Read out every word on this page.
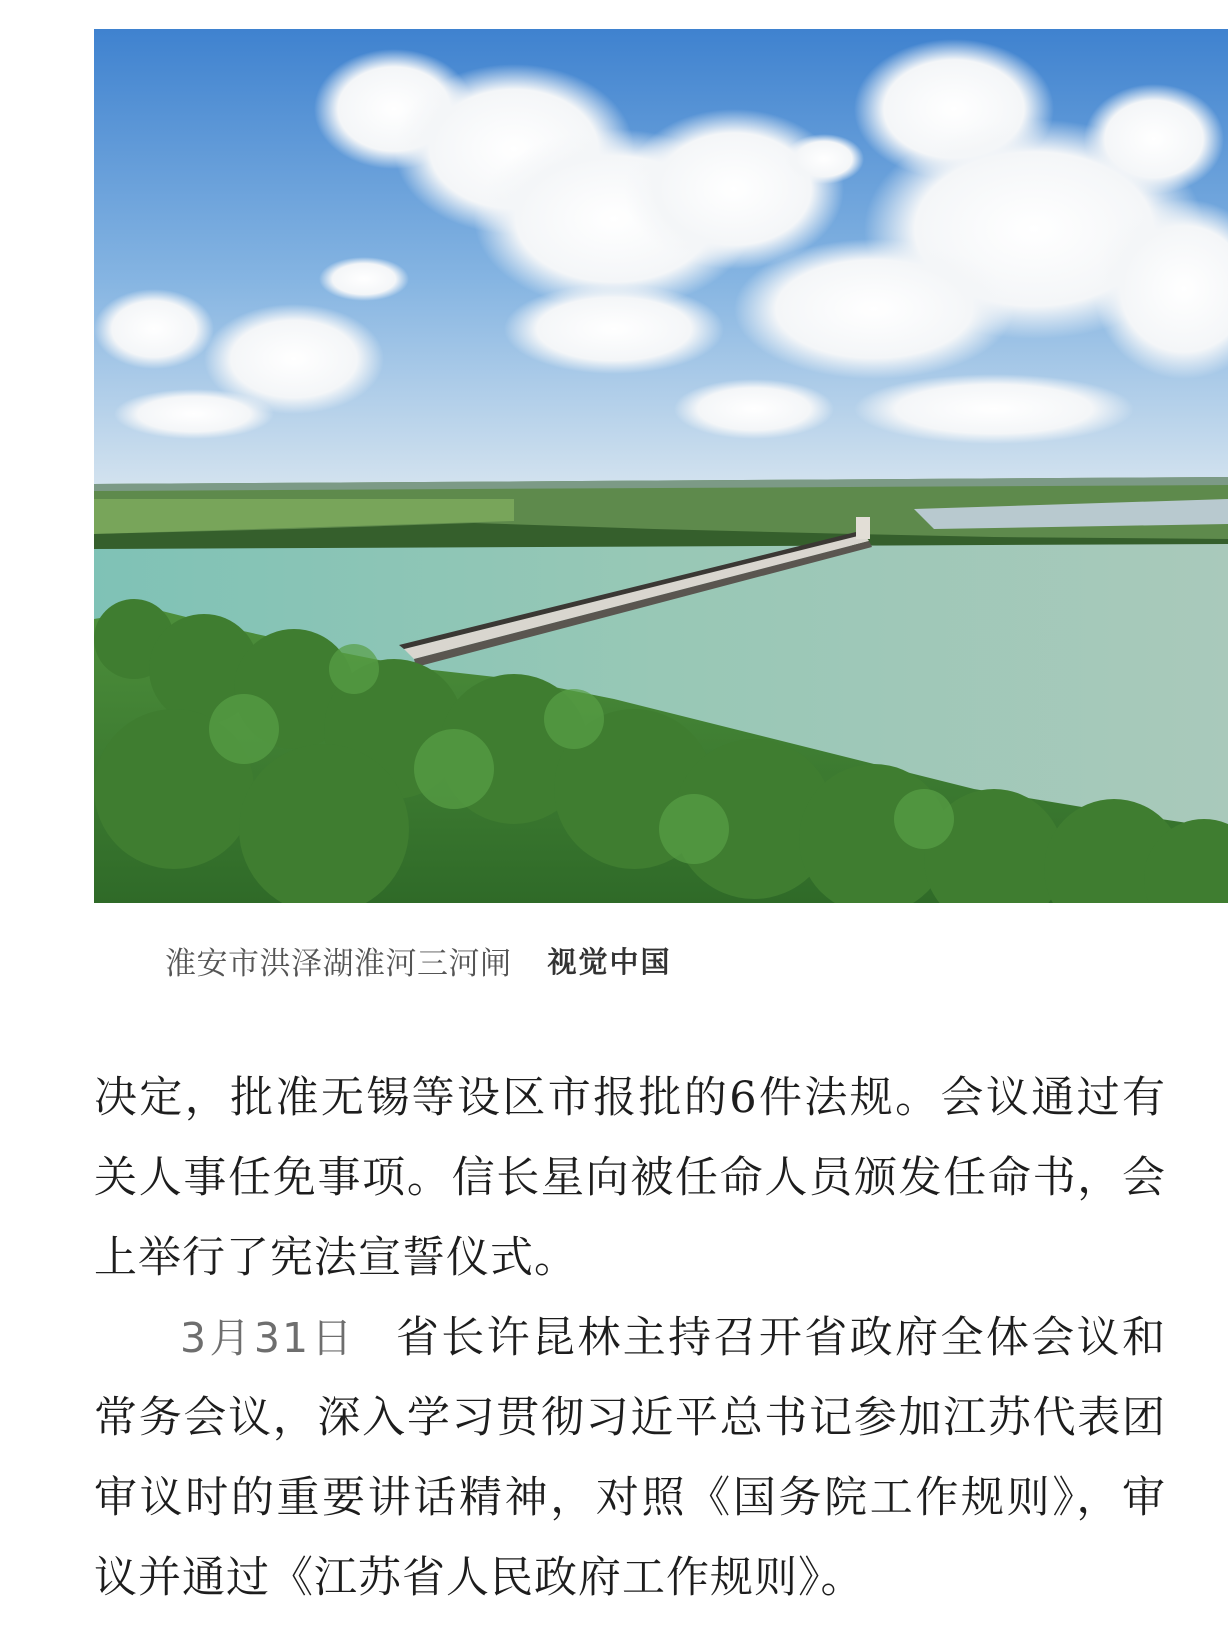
淮安市洪泽湖淮河三河闸 视觉中国

决定，批准无锡等设区市报批的6件法规。会议通过有关人事任免事项。信长星向被任命人员颁发任命书，会上举行了宪法宣誓仪式。

3月31日 省长许昆林主持召开省政府全体会议和常务会议，深入学习贯彻习近平总书记参加江苏代表团审议时的重要讲话精神，对照《国务院工作规则》，审议并通过《江苏省人民政府工作规则》。
